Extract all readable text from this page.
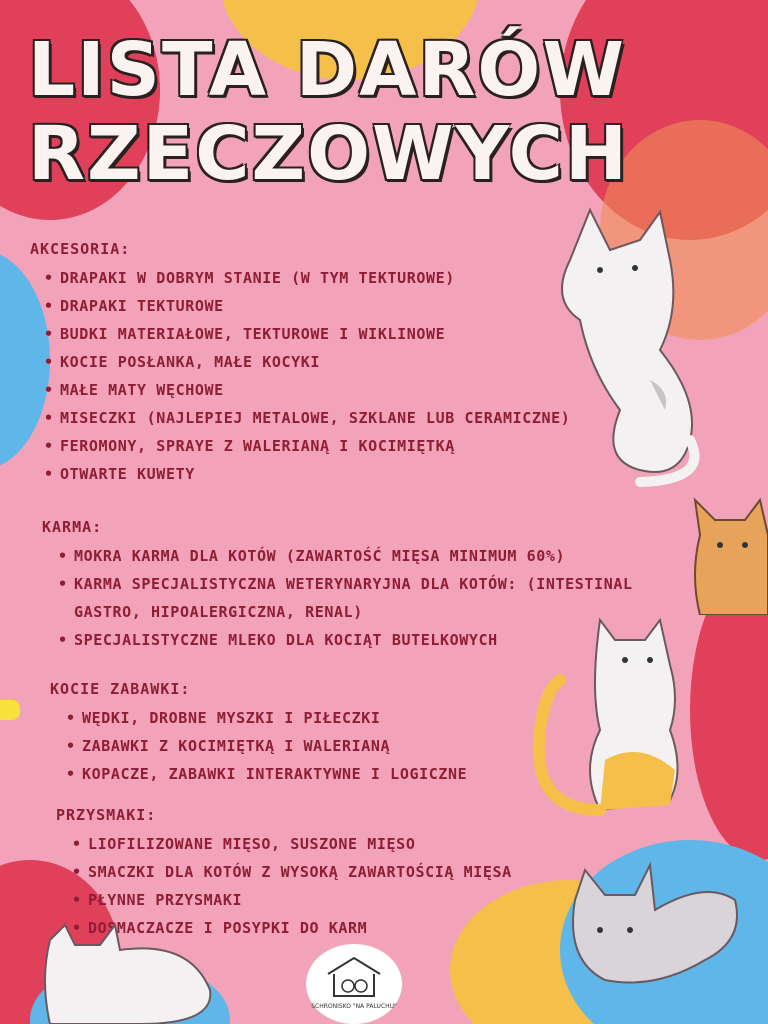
LISTA DARÓW
RZECZOWYCH
AKCESORIA:
• DRAPAKI W DOBRYM STANIE (W TYM TEKTUROWE)
• DRAPAKI TEKTUROWE
• BUDKI MATERIAŁOWE, TEKTUROWE I WIKLINOWE
• KOCIE POSŁANKA, MAŁE KOCYKI
• MAŁE MATY WĘCHOWE
• MISECZKI (NAJLEPIEJ METALOWE, SZKLANE LUB CERAMICZNE)
• FEROMONY, SPRAYE Z WALERIANĄ I KOCIMIĘTKĄ
• OTWARTE KUWETY
KARMA:
• MOKRA KARMA DLA KOTÓW (ZAWARTOŚĆ MIĘSA MINIMUM 60%)
• KARMA SPECJALISTYCZNA WETERYNARYJNA DLA KOTÓW: (INTESTINAL GASTRO, HIPOALERGICZNA, RENAL)
• SPECJALISTYCZNE MLEKO DLA KOCIĄT BUTELKOWYCH
KOCIE ZABAWKI:
• WĘDKI, DROBNE MYSZKI I PIŁECZKI
• ZABAWKI Z KOCIMIĘTKĄ I WALERIANĄ
• KOPACZE, ZABAWKI INTERAKTYWNE I LOGICZNE
PRZYSMAKI:
• LIOFILIZOWANE MIĘSO, SUSZONE MIĘSO
• SMACZKI DLA KOTÓW Z WYSOKĄ ZAWARTOŚCIĄ MIĘSA
• PŁYNNE PRZYSMAKI
• DOSMACZACZE I POSYPKI DO KARM
SCHRONISKO "NA PALUCHU"
